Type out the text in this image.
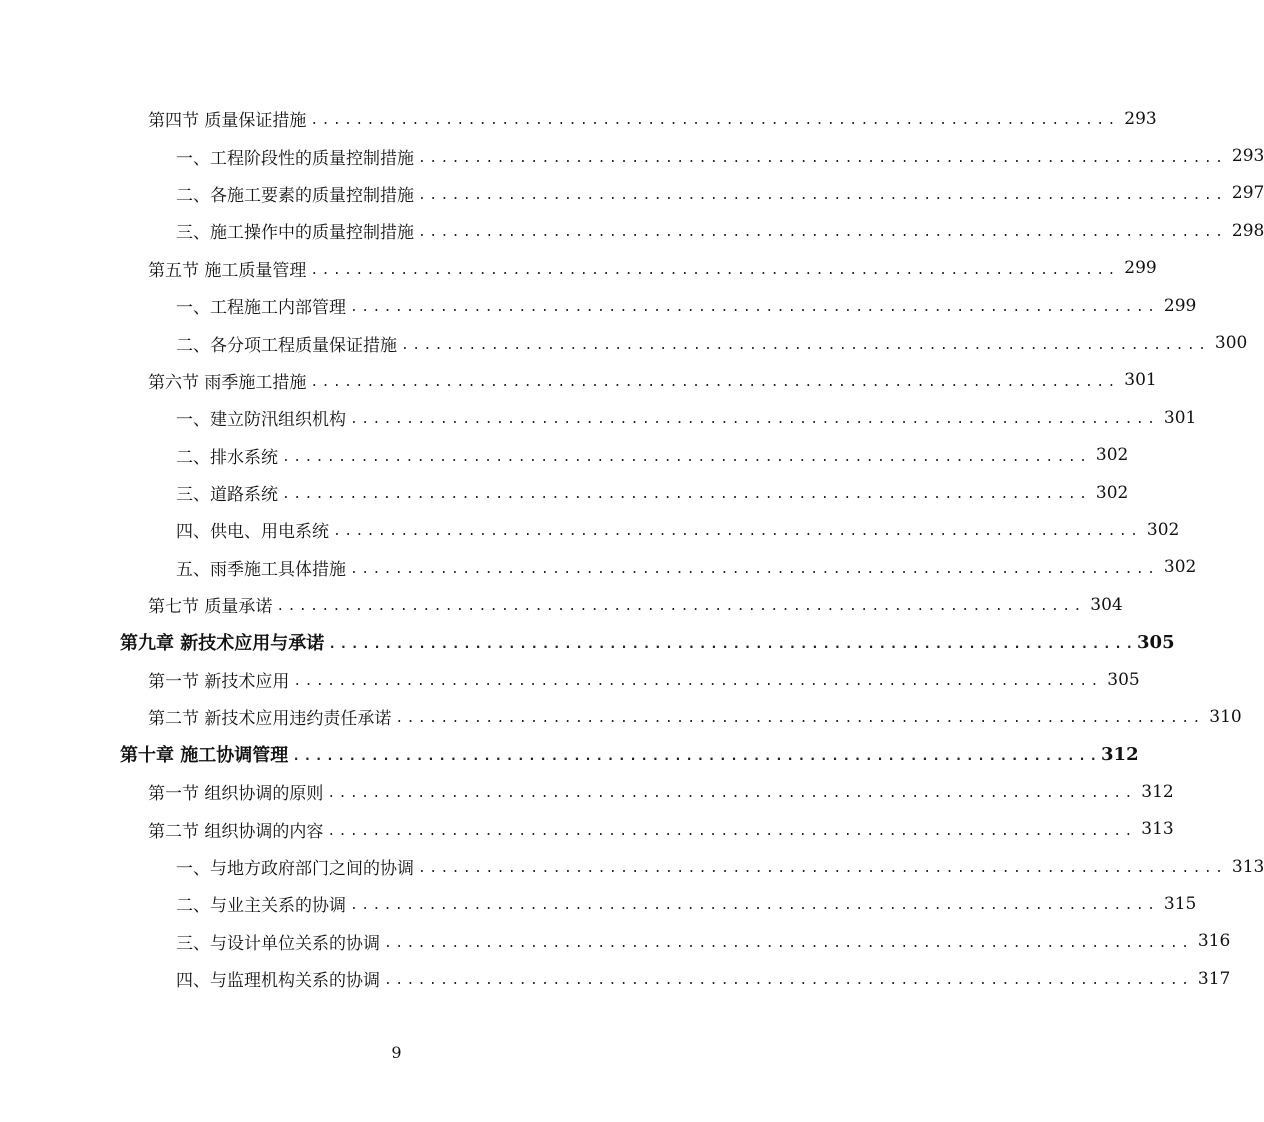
第四节 质量保证措施 ........................................................................ 293
一、工程阶段性的质量控制措施 ........................................................................ 293
二、各施工要素的质量控制措施 ........................................................................ 297
三、施工操作中的质量控制措施 ........................................................................ 298
第五节 施工质量管理 ........................................................................ 299
一、工程施工内部管理 ........................................................................ 299
二、各分项工程质量保证措施 ........................................................................ 300
第六节 雨季施工措施 ........................................................................ 301
一、建立防汛组织机构 ........................................................................ 301
二、排水系统 ........................................................................ 302
三、道路系统 ........................................................................ 302
四、供电、用电系统 ........................................................................ 302
五、雨季施工具体措施 ........................................................................ 302
第七节 质量承诺 ........................................................................ 304
第九章 新技术应用与承诺 ........................................................................ 305
第一节 新技术应用 ........................................................................ 305
第二节 新技术应用违约责任承诺 ........................................................................ 310
第十章 施工协调管理 ........................................................................ 312
第一节 组织协调的原则 ........................................................................ 312
第二节 组织协调的内容 ........................................................................ 313
一、与地方政府部门之间的协调 ........................................................................ 313
二、与业主关系的协调 ........................................................................ 315
三、与设计单位关系的协调 ........................................................................ 316
四、与监理机构关系的协调 ........................................................................ 317
9
